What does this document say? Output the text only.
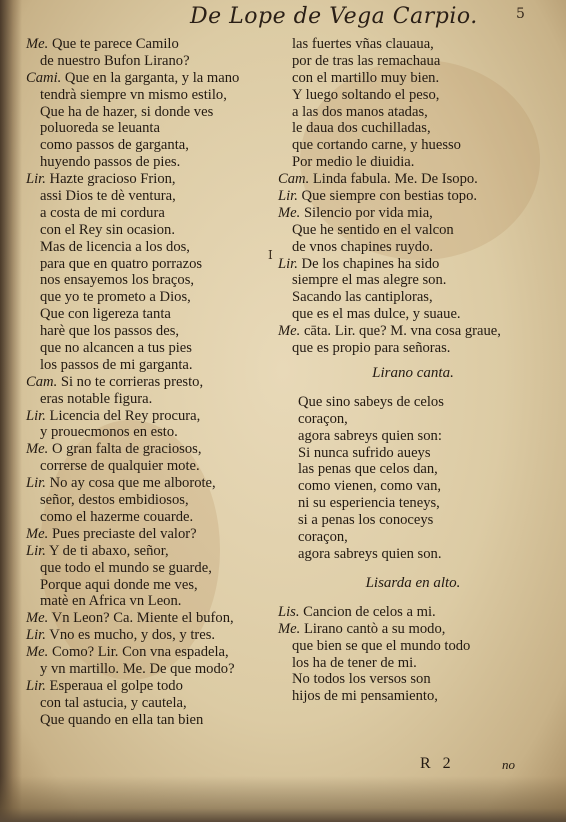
De Lope de Vega Carpio.	5
I
Me. Que te parece Camilo
de nuestro Bufon Lirano?
Cami. Que en la garganta, y la mano
tendrà siempre vn mismo estilo,
Que ha de hazer, si donde ves
poluoreda se leuanta
como passos de garganta,
huyendo passos de pies.
Lir. Hazte gracioso Frion,
assi Dios te dè ventura,
a costa de mi cordura
con el Rey sin ocasion.
Mas de licencia a los dos,
para que en quatro porrazos
nos ensayemos los braços,
que yo te prometo a Dios,
Que con ligereza tanta
harè que los passos des,
que no alcancen a tus pies
los passos de mi garganta.
Cam. Si no te corrieras presto,
eras notable figura.
Lir. Licencia del Rey procura,
y prouecmonos en esto.
Me. O gran falta de graciosos,
correrse de qualquier mote.
Lir. No ay cosa que me alborote,
señor, destos embidiosos,
como el hazerme couarde.
Me. Pues preciaste del valor?
Lir. Y de ti abaxo, señor,
que todo el mundo se guarde,
Porque aqui donde me ves,
matè en Africa vn Leon.
Me. Vn Leon? Ca. Miente el bufon,
Lir. Vno es mucho, y dos, y tres.
Me. Como? Lir. Con vna espadela,
y vn martillo. Me. De que modo?
Lir. Esperaua el golpe todo
con tal astucia, y cautela,
Que quando en ella tan bien
las fuertes vñas clauaua,
por de tras las remachaua
con el martillo muy bien.
Y luego soltando el peso,
a las dos manos atadas,
le daua dos cuchilladas,
que cortando carne, y huesso
Por medio le diuidia.
Cam. Linda fabula. Me. De Isopo.
Lir. Que siempre con bestias topo.
Me. Silencio por vida mia,
Que he sentido en el valcon
de vnos chapines ruydo.
Lir. De los chapines ha sido
siempre el mas alegre son.
Sacando las cantiploras,
que es el mas dulce, y suaue.
Me. cāta. Lir. que? M. vna cosa graue,
que es propio para señoras.
Lirano canta.
Que sino sabeys de celos
coraçon,
agora sabreys quien son:
Si nunca sufrido aueys
las penas que celos dan,
como vienen, como van,
ni su esperiencia teneys,
si a penas los conoceys
coraçon,
agora sabreys quien son.
Lisarda en alto.
Lis. Cancion de celos a mi.
Me. Lirano cantò a su modo,
que bien se que el mundo todo
los ha de tener de mi.
No todos los versos son
hijos de mi pensamiento,
R 2	no
